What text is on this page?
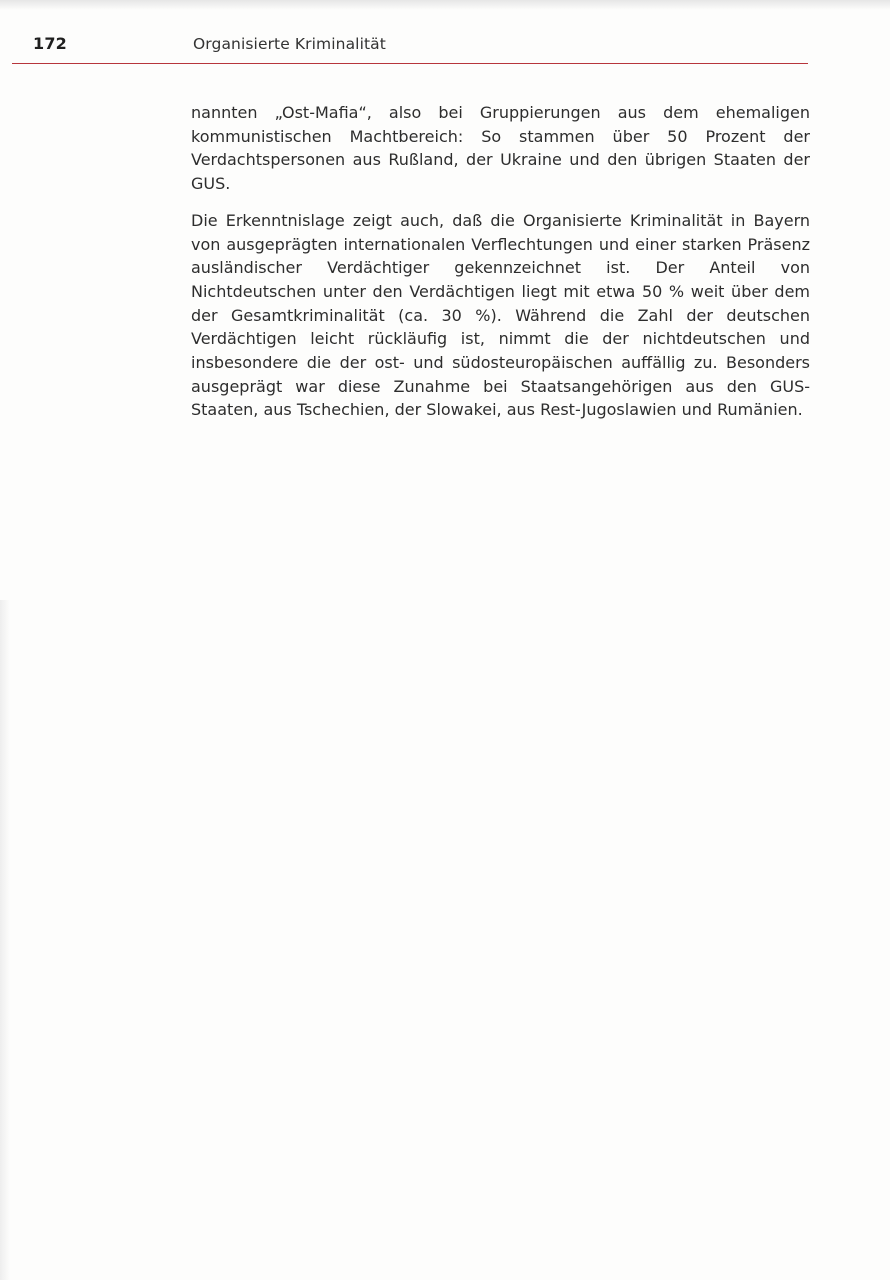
172	Organisierte Kriminalität

nannten „Ost-Mafia“, also bei Gruppierungen aus dem ehemaligen kommunistischen Machtbereich: So stammen über 50 Prozent der Verdachtspersonen aus Rußland, der Ukraine und den übrigen Staaten der GUS.

Die Erkenntnislage zeigt auch, daß die Organisierte Kriminalität in Bayern von ausgeprägten internationalen Verflechtungen und einer starken Präsenz ausländischer Verdächtiger gekennzeichnet ist. Der Anteil von Nichtdeutschen unter den Verdächtigen liegt mit etwa 50 % weit über dem der Gesamtkriminalität (ca. 30 %). Während die Zahl der deutschen Verdächtigen leicht rückläufig ist, nimmt die der nichtdeutschen und insbesondere die der ost- und südosteuropäischen auffällig zu. Besonders ausgeprägt war diese Zunahme bei Staatsangehörigen aus den GUS-Staaten, aus Tschechien, der Slowakei, aus Rest-Jugoslawien und Rumänien.
